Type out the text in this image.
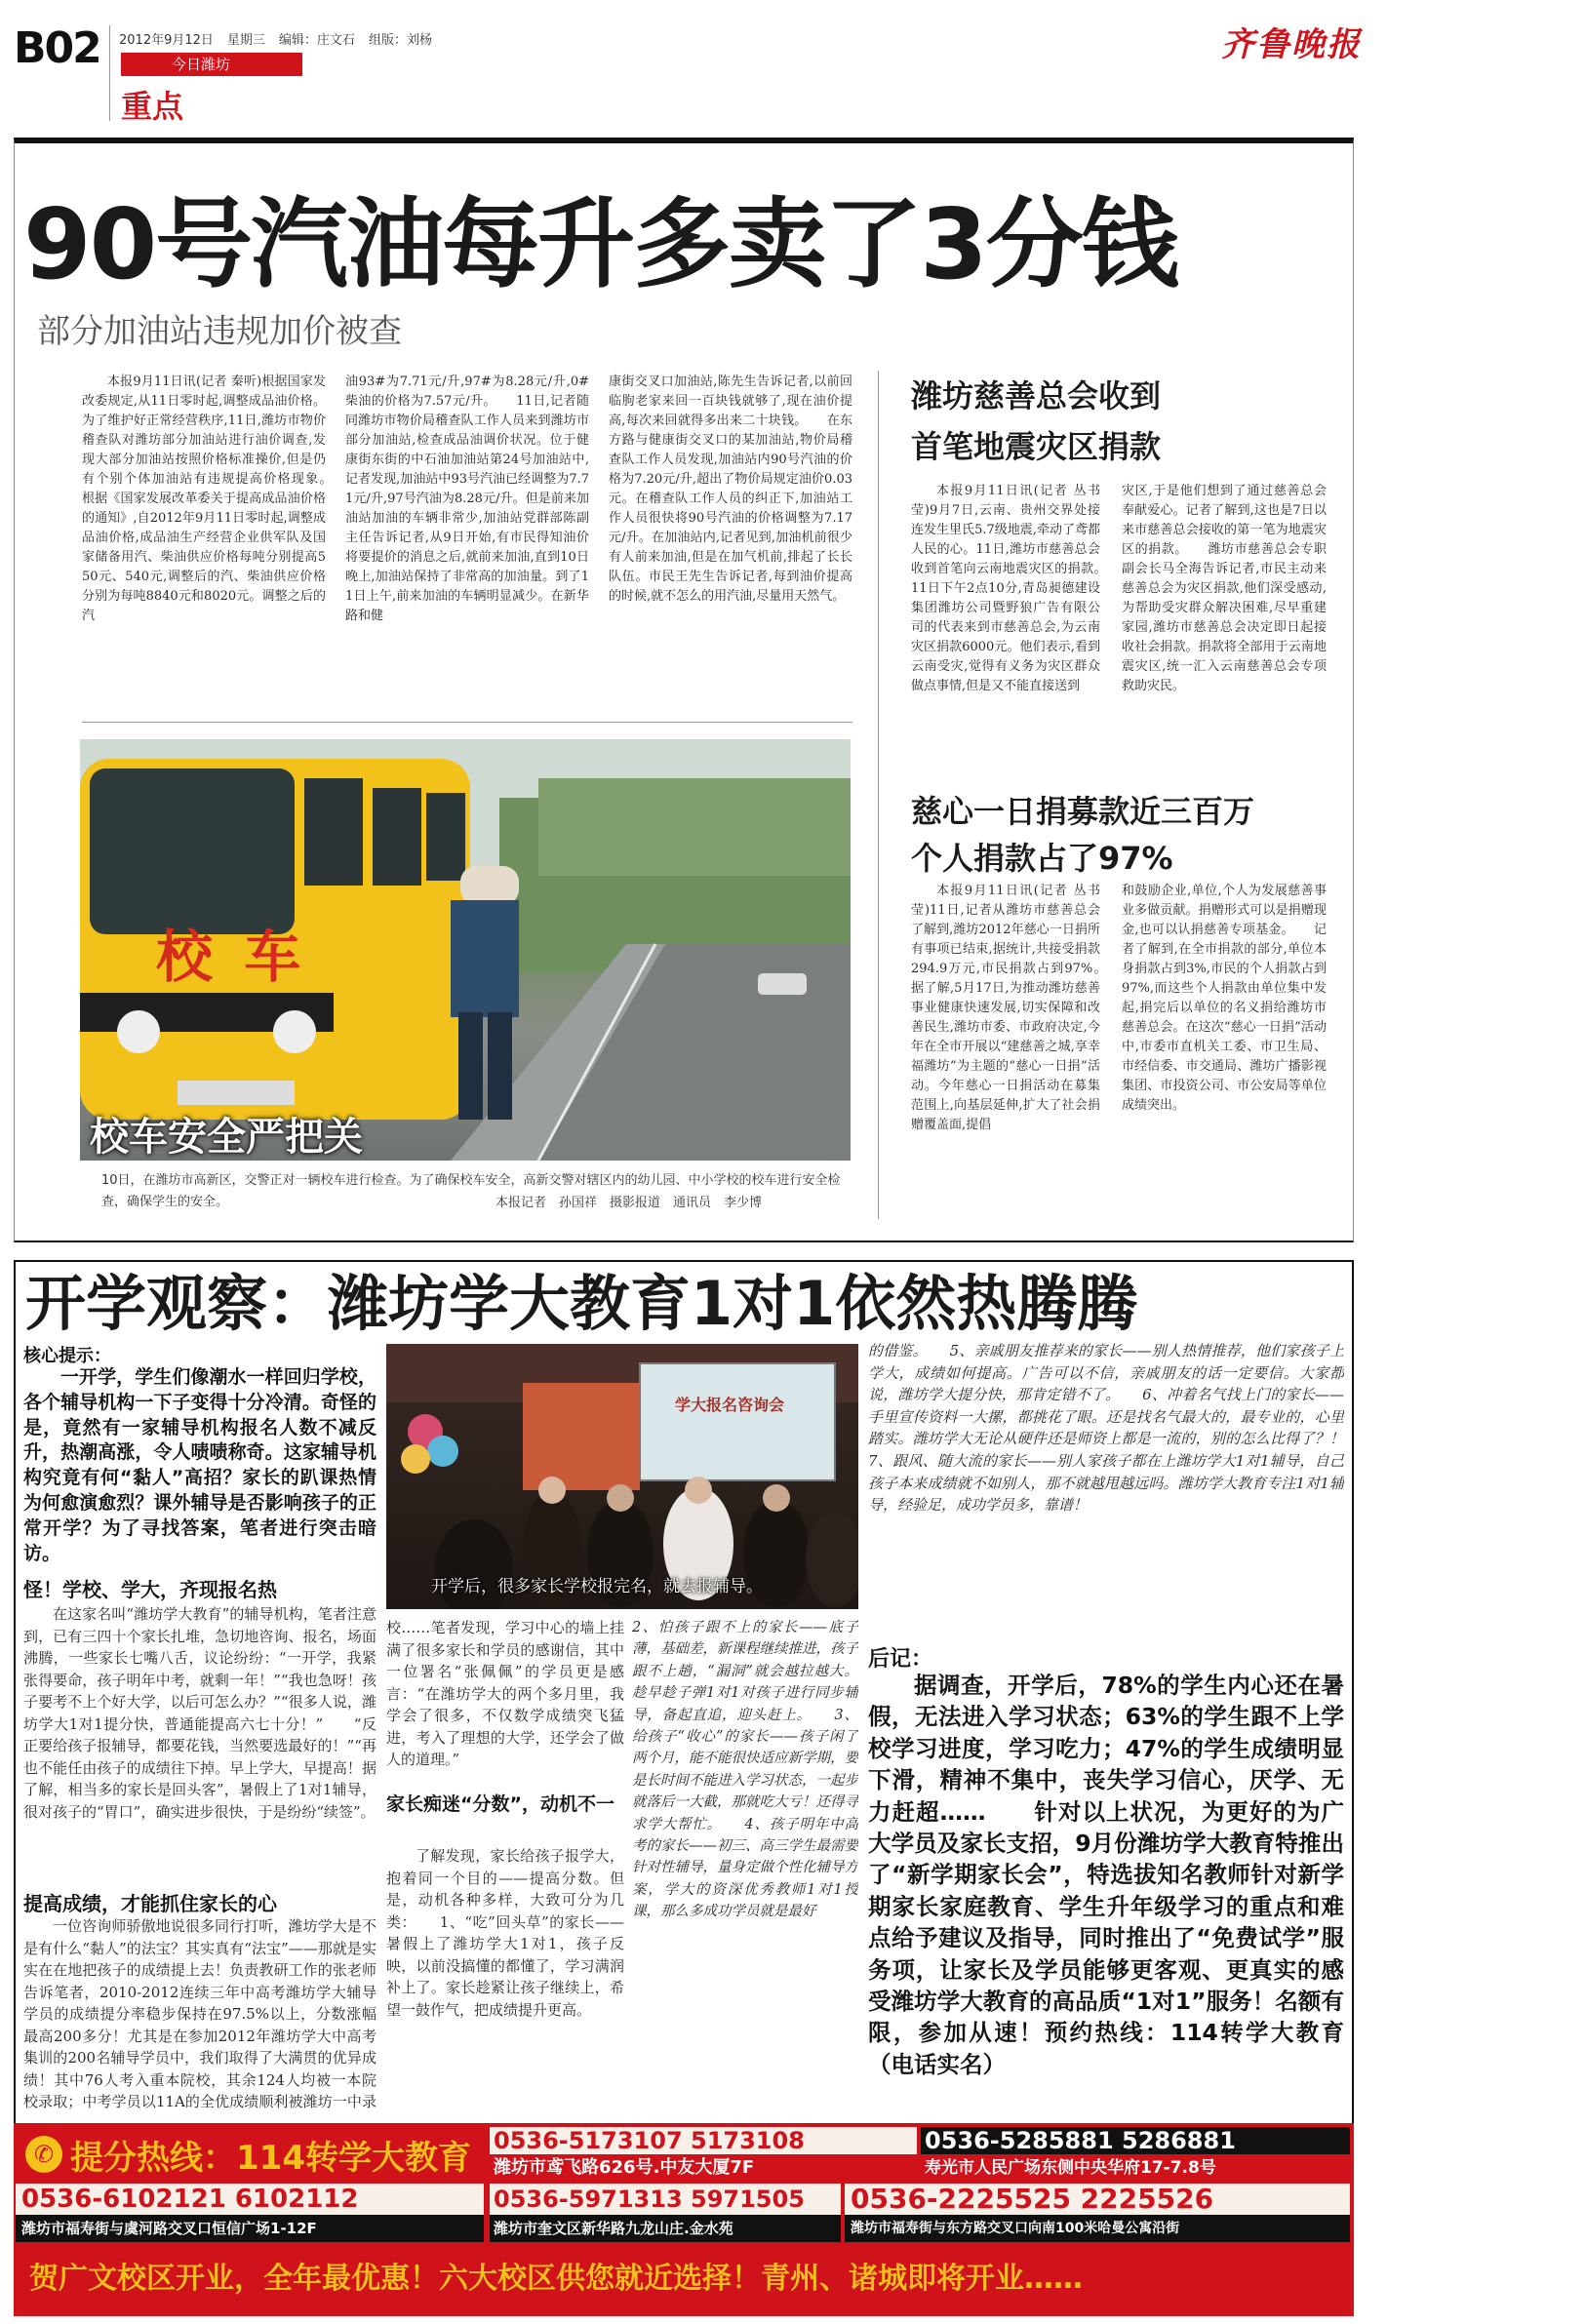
B02 2012年9月12日 星期三 编辑：庄文石 组版：刘杨
今日潍坊
重点
齐鲁晚报
90号汽油每升多卖了3分钱
部分加油站违规加价被查
本报9月11日讯(记者 秦听)根据国家发改委规定,从11日零时起,调整成品油价格。为了维护好正常经营秩序,11日,潍坊市物价稽查队对潍坊部分加油站进行油价调查,发现大部分加油站按照价格标准操价,但是仍有个别个体加油站有违规提高价格现象。　　根据《国家发展改革委关于提高成品油价格的通知》,自2012年9月11日零时起,调整成品油价格,成品油生产经营企业供军队及国家储备用汽、柴油供应价格每吨分别提高550元、540元,调整后的汽、柴油供应价格分别为每吨8840元和8020元。调整之后的汽
油93#为7.71元/升,97#为8.28元/升,0#柴油的价格为7.57元/升。　　11日,记者随同潍坊市物价局稽查队工作人员来到潍坊市部分加油站,检查成品油调价状况。位于健康街东街的中石油加油站第24号加油站中,记者发现,加油站中93号汽油已经调整为7.71元/升,97号汽油为8.28元/升。但是前来加油站加油的车辆非常少,加油站党群部陈副主任告诉记者,从9日开始,有市民得知油价将要提价的消息之后,就前来加油,直到10日晚上,加油站保持了非常高的加油量。到了11日上午,前来加油的车辆明显减少。在新华路和健
康街交叉口加油站,陈先生告诉记者,以前回临朐老家来回一百块钱就够了,现在油价提高,每次来回就得多出来二十块钱。　　在东方路与健康街交叉口的某加油站,物价局稽查队工作人员发现,加油站内90号汽油的价格为7.20元/升,超出了物价局规定油价0.03元。在稽查队工作人员的纠正下,加油站工作人员很快将90号汽油的价格调整为7.17元/升。在加油站内,记者见到,加油机前很少有人前来加油,但是在加气机前,排起了长长队伍。市民王先生告诉记者,每到油价提高的时候,就不怎么的用汽油,尽量用天然气。
校 车
校车安全严把关
10日，在潍坊市高新区，交警正对一辆校车进行检查。为了确保校车安全，高新交警对辖区内的幼儿园、中小学校的校车进行安全检查，确保学生的安全。	本报记者　孙国祥　摄影报道　通讯员　李少博
潍坊慈善总会收到
首笔地震灾区捐款
本报9月11日讯(记者 丛书莹)9月7日,云南、贵州交界处接连发生里氏5.7级地震,牵动了鸢都人民的心。11日,潍坊市慈善总会收到首笔向云南地震灾区的捐款。　　11日下午2点10分,青岛昶德建设集团潍坊公司暨野狼广告有限公司的代表来到市慈善总会,为云南灾区捐款6000元。他们表示,看到云南受灾,觉得有义务为灾区群众做点事情,但是又不能直接送到
灾区,于是他们想到了通过慈善总会奉献爱心。记者了解到,这也是7日以来市慈善总会接收的第一笔为地震灾区的捐款。　　潍坊市慈善总会专职副会长马全海告诉记者,市民主动来慈善总会为灾区捐款,他们深受感动,为帮助受灾群众解决困难,尽早重建家园,潍坊市慈善总会决定即日起接收社会捐款。捐款将全部用于云南地震灾区,统一汇入云南慈善总会专项救助灾民。
慈心一日捐募款近三百万
个人捐款占了97%
本报9月11日讯(记者 丛书莹)11日,记者从潍坊市慈善总会了解到,潍坊2012年慈心一日捐所有事项已结束,据统计,共接受捐款294.9万元,市民捐款占到97%。　　据了解,5月17日,为推动潍坊慈善事业健康快速发展,切实保障和改善民生,潍坊市委、市政府决定,今年在全市开展以“建慈善之城,享幸福潍坊”为主题的“慈心一日捐”活动。今年慈心一日捐活动在募集范围上,向基层延伸,扩大了社会捐赠覆盖面,提倡
和鼓励企业,单位,个人为发展慈善事业多做贡献。捐赠形式可以是捐赠现金,也可以认捐慈善专项基金。　　记者了解到,在全市捐款的部分,单位本身捐款占到3%,市民的个人捐款占到97%,而这些个人捐款由单位集中发起,捐完后以单位的名义捐给潍坊市慈善总会。在这次“慈心一日捐”活动中,市委市直机关工委、市卫生局、市经信委、市交通局、潍坊广播影视集团、市投资公司、市公安局等单位成绩突出。
开学观察：潍坊学大教育1对1依然热腾腾
核心提示：
一开学，学生们像潮水一样回归学校，各个辅导机构一下子变得十分冷清。奇怪的是，竟然有一家辅导机构报名人数不减反升，热潮高涨，令人啧啧称奇。这家辅导机构究竟有何“黏人”高招？家长的趴课热情为何愈演愈烈？课外辅导是否影响孩子的正常开学？为了寻找答案，笔者进行突击暗访。
怪！学校、学大，齐现报名热
在这家名叫“潍坊学大教育”的辅导机构，笔者注意到，已有三四十个家长扎堆，急切地咨询、报名，场面沸腾，一些家长七嘴八舌，议论纷纷：“一开学，我紧张得要命，孩子明年中考，就剩一年！”“我也急呀！孩子要考不上个好大学，以后可怎么办？”“很多人说，潍坊学大1对1提分快，普通能提高六七十分！”　　“反正要给孩子报辅导，都要花钱，当然要选最好的！”“再也不能任由孩子的成绩往下掉。早上学大，早提高！据了解，相当多的家长是回头客”，暑假上了1对1辅导，很对孩子的“胃口”，确实进步很快，于是纷纷“续签”。
提高成绩，才能抓住家长的心
一位咨询师骄傲地说很多同行打听，潍坊学大是不是有什么“黏人”的法宝？其实真有“法宝”——那就是实实在在地把孩子的成绩提上去！负责教研工作的张老师告诉笔者，2010-2012连续三年中高考潍坊学大辅导学员的成绩提分率稳步保持在97.5%以上，分数涨幅最高200多分！尤其是在参加2012年潍坊学大中高考集训的200名辅导学员中，我们取得了大满贯的优异成绩！其中76人考入重本院校，其余124人均被一本院校录取；中考学员以11A的全优成绩顺利被潍坊一中录
学大报名咨询会
开学后，很多家长学校报完名，就去报辅导。
校……笔者发现，学习中心的墙上挂满了很多家长和学员的感谢信，其中一位署名“张佩佩”的学员更是感言：“在潍坊学大的两个多月里，我学会了很多，不仅数学成绩突飞猛进，考入了理想的大学，还学会了做人的道理。”
家长痴迷“分数”，动机不一
了解发现，家长给孩子报学大，抱着同一个目的——提高分数。但是，动机各种多样，大致可分为几类：　　1、“吃”回头草”的家长——暑假上了潍坊学大1对1，孩子反映，以前没搞懂的都懂了，学习满润补上了。家长趁紧让孩子继续上，希望一鼓作气，把成绩提升更高。
2、怕孩子跟不上的家长——底子薄，基础差，新课程继续推进，孩子跟不上趟，“漏洞”就会越拉越大。趁早趁子弹1对1对孩子进行同步辅导，备起直追，迎头赶上。　　3、给孩子“收心”的家长——孩子闲了两个月，能不能很快适应新学期，要是长时间不能进入学习状态，一起步就落后一大截，那就吃大亏！还得寻求学大帮忙。　　4、孩子明年中高考的家长——初三、高三学生最需要针对性辅导，量身定做个性化辅导方案，学大的资深优秀教师1对1授课，那么多成功学员就是最好
的借鉴。　　5、亲戚朋友推荐来的家长——别人热情推荐，他们家孩子上学大，成绩如何提高。广告可以不信，亲戚朋友的话一定要信。大家都说，潍坊学大提分快，那肯定错不了。　　6、冲着名气找上门的家长——手里宣传资料一大摞，都挑花了眼。还是找名气最大的，最专业的，心里踏实。潍坊学大无论从硬件还是师资上都是一流的，别的怎么比得了？！　　7、跟风、随大流的家长——别人家孩子都在上潍坊学大1对1辅导，自己孩子本来成绩就不如别人，那不就越甩越远吗。潍坊学大教育专注1对1辅导，经验足，成功学员多，靠谱！
后记：
据调查，开学后，78%的学生内心还在暑假，无法进入学习状态；63%的学生跟不上学校学习进度，学习吃力；47%的学生成绩明显下滑，精神不集中，丧失学习信心，厌学、无力赶超……　　针对以上状况，为更好的为广大学员及家长支招，9月份潍坊学大教育特推出了“新学期家长会”，特选拔知名教师针对新学期家长家庭教育、学生升年级学习的重点和难点给予建议及指导，同时推出了“免费试学”服务项，让家长及学员能够更客观、更真实的感受潍坊学大教育的高品质“1对1”服务！名额有限，参加从速！预约热线：114转学大教育（电话实名）
✆ 提分热线：114转学大教育 0536-5173107 5173108
潍坊市鸢飞路626号.中友大厦7F
0536-5285881 5286881
寿光市人民广场东侧中央华府17-7.8号
0536-6102121 6102112
潍坊市福寿街与虞河路交叉口恒信广场1-12F
0536-5971313 5971505
潍坊市奎文区新华路九龙山庄.金水苑
0536-2225525 2225526
潍坊市福寿街与东方路交叉口向南100米哈曼公寓沿街
贺广文校区开业，全年最优惠！六大校区供您就近选择！青州、诸城即将开业……
